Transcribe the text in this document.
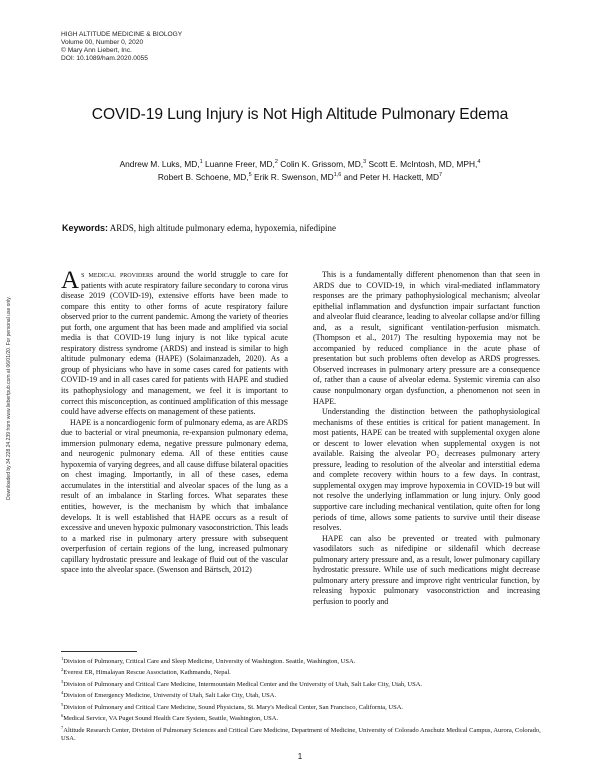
HIGH ALTITUDE MEDICINE & BIOLOGY
Volume 00, Number 0, 2020
© Mary Ann Liebert, Inc.
DOI: 10.1089/ham.2020.0055
COVID-19 Lung Injury is Not High Altitude Pulmonary Edema
Andrew M. Luks, MD,$^1$ Luanne Freer, MD,$^2$ Colin K. Grissom, MD,$^3$ Scott E. McIntosh, MD, MPH,$^4$
Robert B. Schoene, MD,$^5$ Erik R. Swenson, MD$^{1,6}$ and Peter H. Hackett, $MD^7$
Keywords: ARDS, high altitude pulmonary edema, hypoxemia, nifedipine
Downloaded by 34.228.24.239 from www.liebertpub.com at 06/01/20. For personal use only.

As medical providers around the world struggle to care for patients with acute respiratory failure secondary to corona virus disease 2019 (COVID-19), extensive efforts have been made to compare this entity to other forms of acute respiratory failure observed prior to the current pandemic. Among the variety of theories put forth, one argument that has been made and amplified via social media is that COVID-19 lung injury is not like typical acute respiratory distress syndrome (ARDS) and instead is similar to high altitude pulmonary edema (HAPE) (Solaimanzadeh, 2020). As a group of physicians who have in some cases cared for patients with COVID-19 and in all cases cared for patients with HAPE and studied its pathophysiology and management, we feel it is important to correct this misconception, as continued amplification of this message could have adverse effects on management of these patients.

HAPE is a noncardiogenic form of pulmonary edema, as are ARDS due to bacterial or viral pneumonia, re-expansion pulmonary edema, immersion pulmonary edema, negative pressure pulmonary edema, and neurogenic pulmonary edema. All of these entities cause hypoxemia of varying degrees, and all cause diffuse bilateral opacities on chest imaging. Importantly, in all of these cases, edema accumulates in the interstitial and alveolar spaces of the lung as a result of an imbalance in Starling forces. What separates these entities, however, is the mechanism by which that imbalance develops. It is well established that HAPE occurs as a result of excessive and uneven hypoxic pulmonary vasoconstriction. This leads to a marked rise in pulmonary artery pressure with subsequent overperfusion of certain regions of the lung, increased pulmonary capillary hydrostatic pressure and leakage of fluid out of the vascular space into the alveolar space. (Swenson and Bärtsch, 2012)

This is a fundamentally different phenomenon than that seen in ARDS due to COVID-19, in which viral-mediated inflammatory responses are the primary pathophysiological mechanism; alveolar epithelial inflammation and dysfunction impair surfactant function and alveolar fluid clearance, leading to alveolar collapse and/or filling and, as a result, significant ventilation-perfusion mismatch. (Thompson et al., 2017) The resulting hypoxemia may not be accompanied by reduced compliance in the acute phase of presentation but such problems often develop as ARDS progresses. Observed increases in pulmonary artery pressure are a consequence of, rather than a cause of alveolar edema. Systemic viremia can also cause nonpulmonary organ dysfunction, a phenomenon not seen in HAPE.

Understanding the distinction between the pathophysiological mechanisms of these entities is critical for patient management. In most patients, HAPE can be treated with supplemental oxygen alone or descent to lower elevation when supplemental oxygen is not available. Raising the alveolar PO₂ decreases pulmonary artery pressure, leading to resolution of the alveolar and interstitial edema and complete recovery within hours to a few days. In contrast, supplemental oxygen may improve hypoxemia in COVID-19 but will not resolve the underlying inflammation or lung injury. Only good supportive care including mechanical ventilation, quite often for long periods of time, allows some patients to survive until their disease resolves.

HAPE can also be prevented or treated with pulmonary vasodilators such as nifedipine or sildenafil which decrease pulmonary artery pressure and, as a result, lower pulmonary capillary hydrostatic pressure. While use of such medications might decrease pulmonary artery pressure and improve right ventricular function, by releasing hypoxic pulmonary vasoconstriction and increasing perfusion to poorly and

$^1$Division of Pulmonary, Critical Care and Sleep Medicine, University of Washington. Seattle, Washington, USA.
$^2$Everest ER, Himalayan Rescue Association, Kathmandu, Nepal.
$^3$Division of Pulmonary and Critical Care Medicine, Intermountain Medical Center and the University of Utah, Salt Lake City, Utah, USA.
$^4$Division of Emergency Medicine, University of Utah, Salt Lake City, Utah, USA.
$^5$Division of Pulmonary and Critical Care Medicine, Sound Physicians, St. Mary's Medical Center, San Francisco, California, USA.
$^6$Medical Service, VA Puget Sound Health Care System, Seattle, Washington, USA.
$^7$Altitude Research Center, Division of Pulmonary Sciences and Critical Care Medicine, Department of Medicine, University of Colorado Anschutz Medical Campus, Aurora, Colorado, USA.
1
